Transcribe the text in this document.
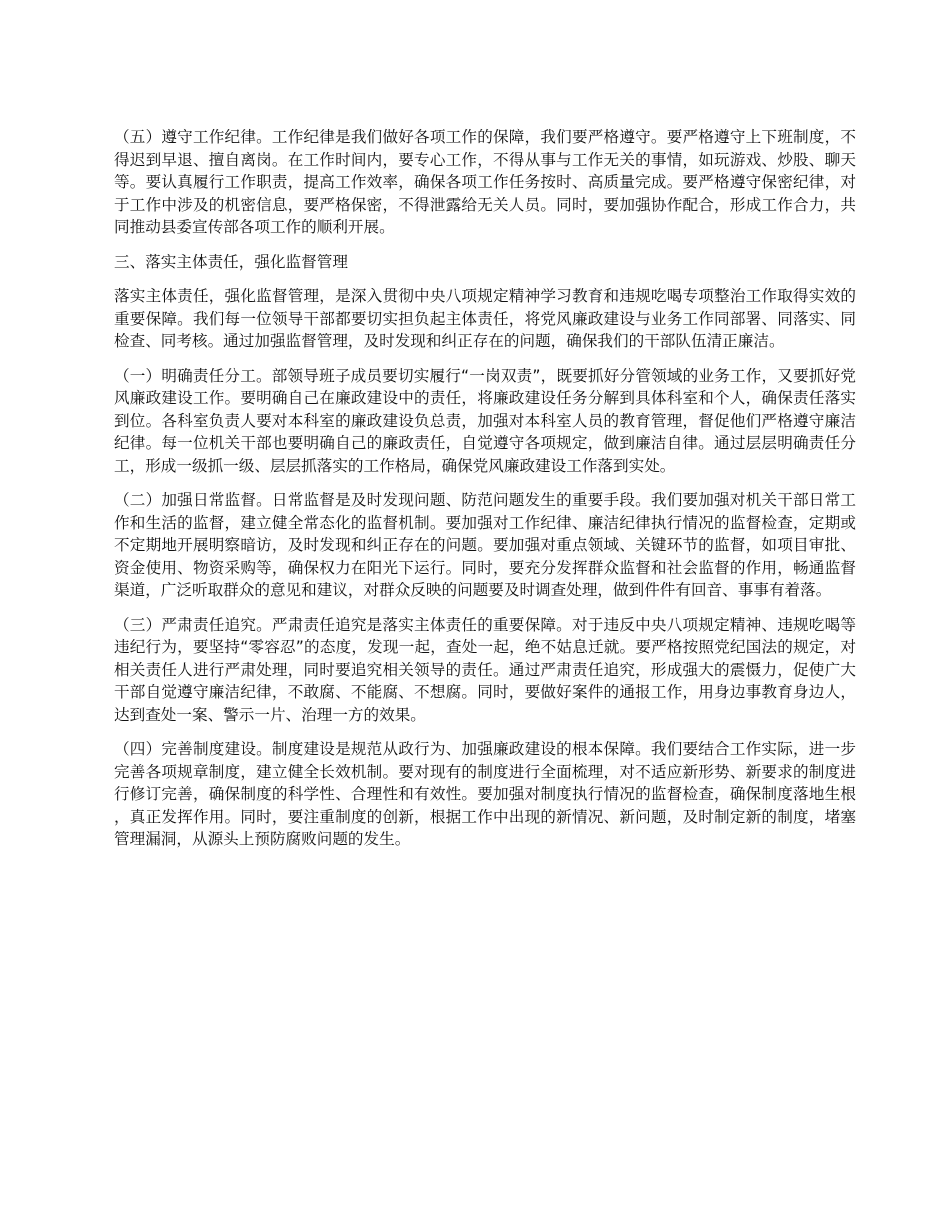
（五）遵守工作纪律。工作纪律是我们做好各项工作的保障，我们要严格遵守。要严格遵守上下班制度，不得迟到早退、擅自离岗。在工作时间内，要专心工作，不得从事与工作无关的事情，如玩游戏、炒股、聊天等。要认真履行工作职责，提高工作效率，确保各项工作任务按时、高质量完成。要严格遵守保密纪律，对于工作中涉及的机密信息，要严格保密，不得泄露给无关人员。同时，要加强协作配合，形成工作合力，共同推动县委宣传部各项工作的顺利开展。

三、落实主体责任，强化监督管理

落实主体责任，强化监督管理，是深入贯彻中央八项规定精神学习教育和违规吃喝专项整治工作取得实效的重要保障。我们每一位领导干部都要切实担负起主体责任，将党风廉政建设与业务工作同部署、同落实、同检查、同考核。通过加强监督管理，及时发现和纠正存在的问题，确保我们的干部队伍清正廉洁。

（一）明确责任分工。部领导班子成员要切实履行“一岗双责”，既要抓好分管领域的业务工作，又要抓好党风廉政建设工作。要明确自己在廉政建设中的责任，将廉政建设任务分解到具体科室和个人，确保责任落实到位。各科室负责人要对本科室的廉政建设负总责，加强对本科室人员的教育管理，督促他们严格遵守廉洁纪律。每一位机关干部也要明确自己的廉政责任，自觉遵守各项规定，做到廉洁自律。通过层层明确责任分工，形成一级抓一级、层层抓落实的工作格局，确保党风廉政建设工作落到实处。

（二）加强日常监督。日常监督是及时发现问题、防范问题发生的重要手段。我们要加强对机关干部日常工作和生活的监督，建立健全常态化的监督机制。要加强对工作纪律、廉洁纪律执行情况的监督检查，定期或不定期地开展明察暗访，及时发现和纠正存在的问题。要加强对重点领域、关键环节的监督，如项目审批、资金使用、物资采购等，确保权力在阳光下运行。同时，要充分发挥群众监督和社会监督的作用，畅通监督渠道，广泛听取群众的意见和建议，对群众反映的问题要及时调查处理，做到件件有回音、事事有着落。

（三）严肃责任追究。严肃责任追究是落实主体责任的重要保障。对于违反中央八项规定精神、违规吃喝等违纪行为，要坚持“零容忍”的态度，发现一起，查处一起，绝不姑息迁就。要严格按照党纪国法的规定，对相关责任人进行严肃处理，同时要追究相关领导的责任。通过严肃责任追究，形成强大的震慑力，促使广大干部自觉遵守廉洁纪律，不敢腐、不能腐、不想腐。同时，要做好案件的通报工作，用身边事教育身边人，达到查处一案、警示一片、治理一方的效果。

（四）完善制度建设。制度建设是规范从政行为、加强廉政建设的根本保障。我们要结合工作实际，进一步完善各项规章制度，建立健全长效机制。要对现有的制度进行全面梳理，对不适应新形势、新要求的制度进行修订完善，确保制度的科学性、合理性和有效性。要加强对制度执行情况的监督检查，确保制度落地生根，真正发挥作用。同时，要注重制度的创新，根据工作中出现的新情况、新问题，及时制定新的制度，堵塞管理漏洞，从源头上预防腐败问题的发生。
